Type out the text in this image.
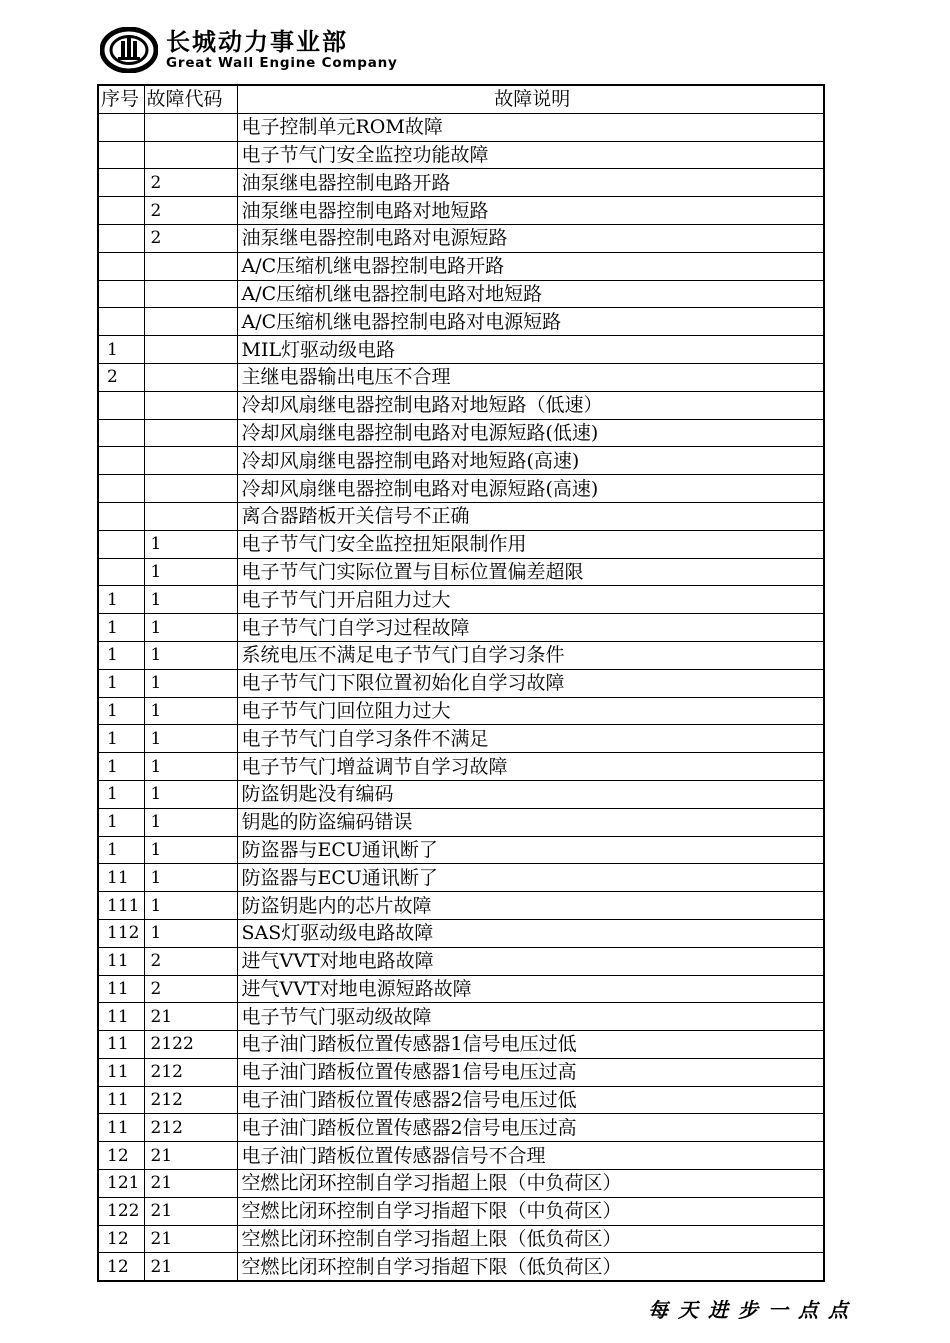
长城动力事业部
Great Wall Engine Company
序号	故障代码	故障说明
		电子控制单元ROM故障
		电子节气门安全监控功能故障
	2	油泵继电器控制电路开路
	2	油泵继电器控制电路对地短路
	2	油泵继电器控制电路对电源短路
		A/C压缩机继电器控制电路开路
		A/C压缩机继电器控制电路对地短路
		A/C压缩机继电器控制电路对电源短路
1		MIL灯驱动级电路
2		主继电器输出电压不合理
		冷却风扇继电器控制电路对地短路（低速）
		冷却风扇继电器控制电路对电源短路(低速)
		冷却风扇继电器控制电路对地短路(高速)
		冷却风扇继电器控制电路对电源短路(高速)
		离合器踏板开关信号不正确
	1	电子节气门安全监控扭矩限制作用
	1	电子节气门实际位置与目标位置偏差超限
1	1	电子节气门开启阻力过大
1	1	电子节气门自学习过程故障
1	1	系统电压不满足电子节气门自学习条件
1	1	电子节气门下限位置初始化自学习故障
1	1	电子节气门回位阻力过大
1	1	电子节气门自学习条件不满足
1	1	电子节气门增益调节自学习故障
1	1	防盗钥匙没有编码
1	1	钥匙的防盗编码错误
1	1	防盗器与ECU通讯断了
11	1	防盗器与ECU通讯断了
111	1	防盗钥匙内的芯片故障
112	1	SAS灯驱动级电路故障
11	2	进气VVT对地电路故障
11	2	进气VVT对地电源短路故障
11	21	电子节气门驱动级故障
11	2122	电子油门踏板位置传感器1信号电压过低
11	212	电子油门踏板位置传感器1信号电压过高
11	212	电子油门踏板位置传感器2信号电压过低
11	212	电子油门踏板位置传感器2信号电压过高
12	21	电子油门踏板位置传感器信号不合理
121	21	空燃比闭环控制自学习指超上限（中负荷区）
122	21	空燃比闭环控制自学习指超下限（中负荷区）
12	21	空燃比闭环控制自学习指超上限（低负荷区）
12	21	空燃比闭环控制自学习指超下限（低负荷区）
每天进步一点点
